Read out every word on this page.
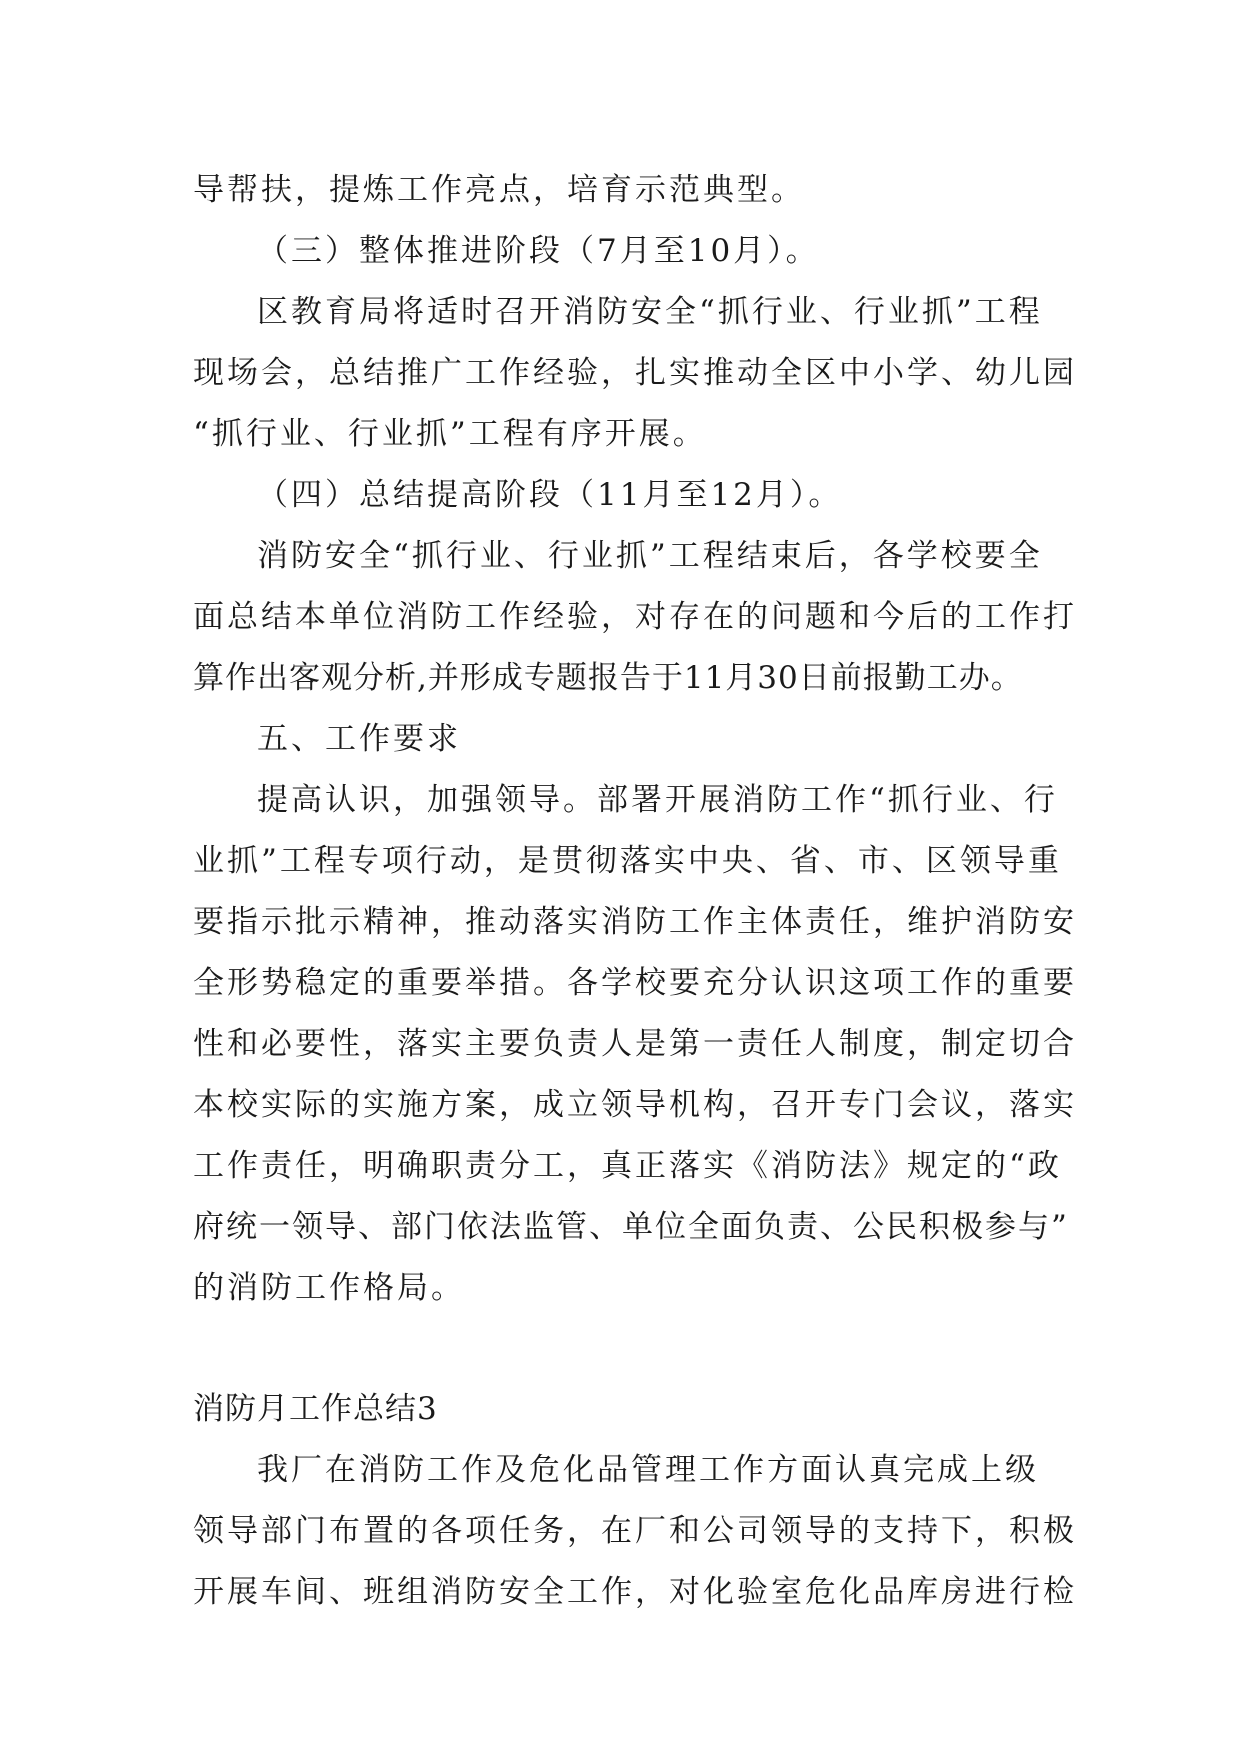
导帮扶，提炼工作亮点，培育示范典型。
（三）整体推进阶段（7月至10月）。
区教育局将适时召开消防安全“抓行业、行业抓”工程
现场会，总结推广工作经验，扎实推动全区中小学、幼儿园
“抓行业、行业抓”工程有序开展。
（四）总结提高阶段（11月至12月）。
消防安全“抓行业、行业抓”工程结束后，各学校要全
面总结本单位消防工作经验，对存在的问题和今后的工作打
算作出客观分析,并形成专题报告于11月30日前报勤工办。
五、工作要求
提高认识，加强领导。部署开展消防工作“抓行业、行
业抓”工程专项行动，是贯彻落实中央、省、市、区领导重
要指示批示精神，推动落实消防工作主体责任，维护消防安
全形势稳定的重要举措。各学校要充分认识这项工作的重要
性和必要性，落实主要负责人是第一责任人制度，制定切合
本校实际的实施方案，成立领导机构，召开专门会议，落实
工作责任，明确职责分工，真正落实《消防法》规定的“政
府统一领导、部门依法监管、单位全面负责、公民积极参与”
的消防工作格局。
消防月工作总结3
我厂在消防工作及危化品管理工作方面认真完成上级
领导部门布置的各项任务，在厂和公司领导的支持下，积极
开展车间、班组消防安全工作，对化验室危化品库房进行检
